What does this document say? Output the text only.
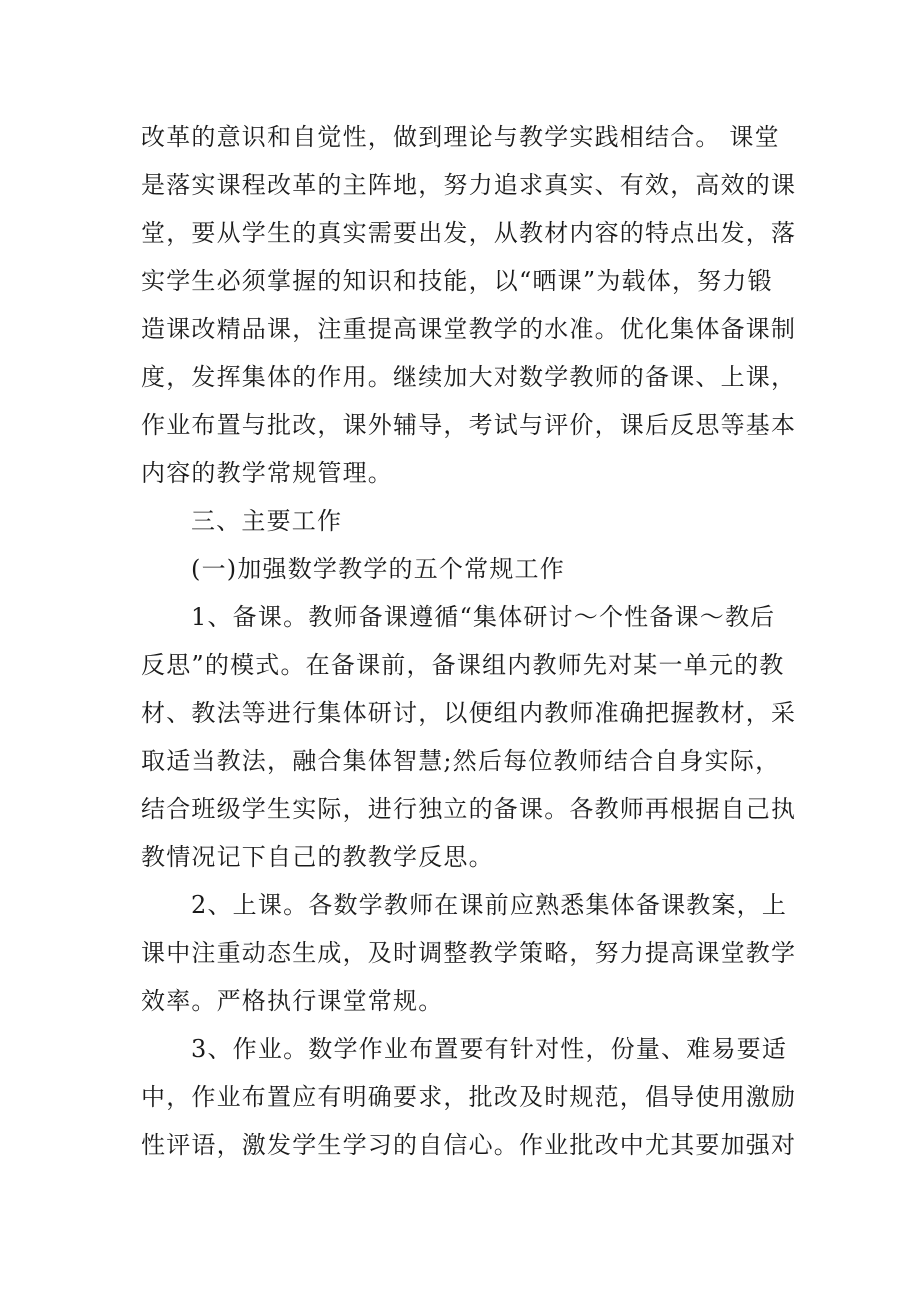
改革的意识和自觉性，做到理论与教学实践相结合。 课堂
是落实课程改革的主阵地，努力追求真实、有效，高效的课
堂，要从学生的真实需要出发，从教材内容的特点出发，落
实学生必须掌握的知识和技能，以“晒课”为载体，努力锻
造课改精品课，注重提高课堂教学的水准。优化集体备课制
度，发挥集体的作用。继续加大对数学教师的备课、上课，
作业布置与批改，课外辅导，考试与评价，课后反思等基本
内容的教学常规管理。
三、主要工作
(一)加强数学教学的五个常规工作
1、备课。教师备课遵循“集体研讨～个性备课～教后
反思”的模式。在备课前，备课组内教师先对某一单元的教
材、教法等进行集体研讨，以便组内教师准确把握教材，采
取适当教法，融合集体智慧;然后每位教师结合自身实际，
结合班级学生实际，进行独立的备课。各教师再根据自己执
教情况记下自己的教教学反思。
2、上课。各数学教师在课前应熟悉集体备课教案，上
课中注重动态生成，及时调整教学策略，努力提高课堂教学
效率。严格执行课堂常规。
3、作业。数学作业布置要有针对性，份量、难易要适
中，作业布置应有明确要求，批改及时规范，倡导使用激励
性评语，激发学生学习的自信心。作业批改中尤其要加强对
